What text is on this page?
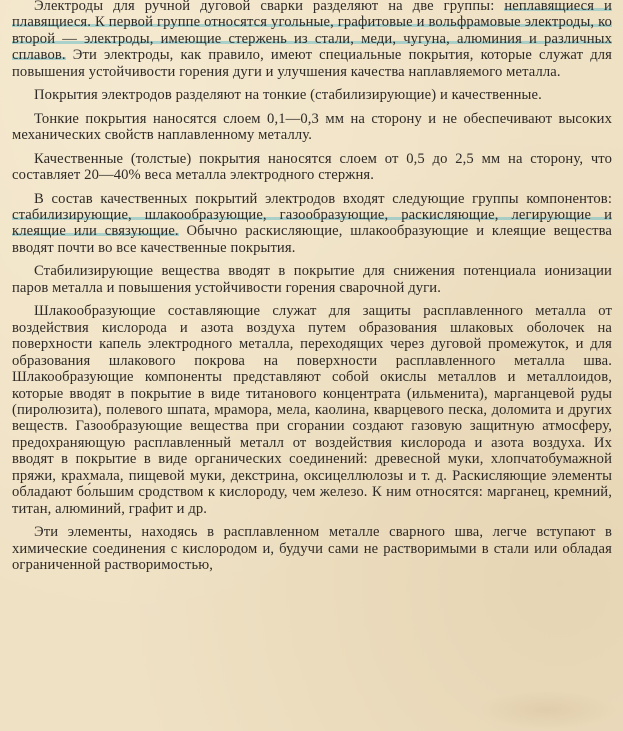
Электроды для ручной дуговой сварки разделяют на две группы: неплавящиеся и плавящиеся. К первой группе относятся угольные, графитовые и вольфрамовые электроды, ко второй — электроды, имеющие стержень из стали, меди, чугуна, алюминия и различных сплавов. Эти электроды, как правило, имеют специальные покрытия, которые служат для повышения устойчивости горения дуги и улучшения качества наплавляемого металла.

Покрытия электродов разделяют на тонкие (стабилизирующие) и качественные.

Тонкие покрытия наносятся слоем 0,1—0,3 мм на сторону и не обеспечивают высоких механических свойств наплавленному металлу.

Качественные (толстые) покрытия наносятся слоем от 0,5 до 2,5 мм на сторону, что составляет 20—40% веса металла электродного стержня.

В состав качественных покрытий электродов входят следующие группы компонентов: стабилизирующие, шлакообразующие, газообразующие, раскисляющие, легирующие и клеящие или связующие. Обычно раскисляющие, шлакообразующие и клеящие вещества вводят почти во все качественные покрытия.

Стабилизирующие вещества вводят в покрытие для снижения потенциала ионизации паров металла и повышения устойчивости горения сварочной дуги.

Шлакообразующие составляющие служат для защиты расплавленного металла от воздействия кислорода и азота воздуха путем образования шлаковых оболочек на поверхности капель электродного металла, переходящих через дуговой промежуток, и для образования шлакового покрова на поверхности расплавленного металла шва. Шлакообразующие компоненты представляют собой окислы металлов и металлоидов, которые вводят в покрытие в виде титанового концентрата (ильменита), марганцевой руды (пиролюзита), полевого шпата, мрамора, мела, каолина, кварцевого песка, доломита и других веществ. Газообразующие вещества при сгорании создают газовую защитную атмосферу, предохраняющую расплавленный металл от воздействия кислорода и азота воздуха. Их вводят в покрытие в виде органических соединений: древесной муки, хлопчатобумажной пряжи, крахмала, пищевой муки, декстрина, оксицеллюлозы и т. д. Раскисляющие элементы обладают бо́льшим сродством к кислороду, чем железо. К ним относятся: марганец, кремний, титан, алюминий, графит и др.

Эти элементы, находясь в расплавленном металле сварного шва, легче вступают в химические соединения с кислородом и, будучи сами не растворимыми в стали или обладая ограниченной растворимостью,
